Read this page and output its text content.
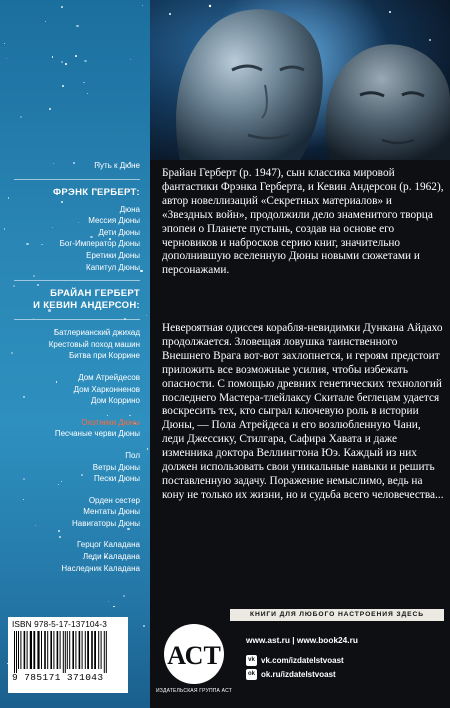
Путь к Дюне
ФРЭНК ГЕРБЕРТ:
Дюна
Мессия Дюны
Дети Дюны
Бог-Император Дюны
Еретики Дюны
Капитул Дюны
БРАЙАН ГЕРБЕРТ
И КЕВИН АНДЕРСОН:
Батлерианский джихад
Крестовый поход машин
Битва при Коррине
Дом Атрейдесов
Дом Харконненов
Дом Коррино
Охотники Дюны
Песчаные черви Дюны
Пол
Ветры Дюны
Пески Дюны
Орден сестер
Ментаты Дюны
Навигаторы Дюны
Герцог Каладана
Леди Каладана
Наследник Каладана

Брайан Герберт (р. 1947), сын классика мировой фантастики Фрэнка Герберта, и Кевин Андерсон (р. 1962), автор новеллизаций «Секретных материалов» и «Звездных войн», продолжили дело знаменитого творца эпопеи о Планете пустынь, создав на основе его черновиков и набросков серию книг, значительно дополнившую вселенную Дюны новыми сюжетами и персонажами.

Невероятная одиссея корабля-невидимки Дункана Айдахо продолжается. Зловещая ловушка таинственного Внешнего Врага вот-вот захлопнется, и героям предстоит приложить все возможные усилия, чтобы избежать опасности. С помощью древних генетических технологий последнего Мастера-тлейлаксу Скитале беглецам удается воскресить тех, кто сыграл ключевую роль в истории Дюны, — Пола Атрейдеса и его возлюбленную Чани, леди Джессику, Стилгара, Сафира Хавата и даже изменника доктора Веллингтона Юэ. Каждый из них должен использовать свои уникальные навыки и решить поставленную задачу. Поражение немыслимо, ведь на кону не только их жизни, но и судьба всего человечества...

КНИГИ ДЛЯ ЛЮБОГО НАСТРОЕНИЯ ЗДЕСЬ
ISBN 978-5-17-137104-3
9 785171 371043
АСТ
ИЗДАТЕЛЬСКАЯ ГРУППА АСТ
www.ast.ru | www.book24.ru
vk vk.com/izdatelstvoast
ok ok.ru/izdatelstvoast
